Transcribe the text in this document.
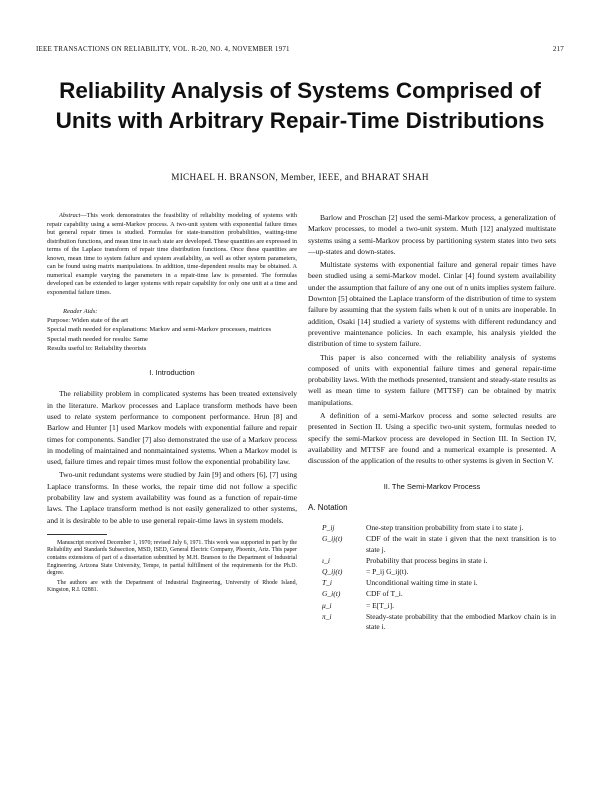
IEEE TRANSACTIONS ON RELIABILITY, VOL. R-20, NO. 4, NOVEMBER 1971	217
Reliability Analysis of Systems Comprised of
Units with Arbitrary Repair-Time Distributions
MICHAEL H. BRANSON, Member, IEEE, and BHARAT SHAH

Abstract—This work demonstrates the feasibility of reliability modeling of systems with repair capability using a semi-Markov process. A two-unit system with exponential failure times but general repair times is studied. Formulas for state-transition probabilities, waiting-time distribution functions, and mean time in each state are developed. These quantities are expressed in terms of the Laplace transform of repair time distribution functions. Once these quantities are known, mean time to system failure and system availability, as well as other system parameters, can be found using matrix manipulations. In addition, time-dependent results may be obtained. A numerical example varying the parameters in a repair-time law is presented. The formulas developed can be extended to larger systems with repair capability for only one unit at a time and exponential failure times.

Reader Aids:
Purpose: Widen state of the art
Special math needed for explanations: Markov and semi-Markov processes, matrices
Special math needed for results: Same
Results useful to: Reliability theorists
I. Introduction

The reliability problem in complicated systems has been treated extensively in the literature. Markov processes and Laplace transform methods have been used to relate system performance to component performance. Hrun [8] and Barlow and Hunter [1] used Markov models with exponential failure and repair times for components. Sandler [7] also demonstrated the use of a Markov process in modeling of maintained and nonmaintained systems. When a Markov model is used, failure times and repair times must follow the exponential probability law.

Two-unit redundant systems were studied by Jain [9] and others [6], [7] using Laplace transforms. In these works, the repair time did not follow a specific probability law and system availability was found as a function of repair-time laws. The Laplace transform method is not easily generalized to other systems, and it is desirable to be able to use general repair-time laws in system models.

Manuscript received December 1, 1970; revised July 6, 1971. This work was supported in part by the Reliability and Standards Subsection, MSD, ISED, General Electric Company, Phoenix, Ariz. This paper contains extensions of part of a dissertation submitted by M.H. Branson to the Department of Industrial Engineering, Arizona State University, Tempe, in partial fulfillment of the requirements for the Ph.D. degree.

The authors are with the Department of Industrial Engineering, University of Rhode Island, Kingston, R.I. 02881.

Barlow and Proschan [2] used the semi-Markov process, a generalization of Markov processes, to model a two-unit system. Muth [12] analyzed multistate systems using a semi-Markov process by partitioning system states into two sets—up-states and down-states.

Multistate systems with exponential failure and general repair times have been studied using a semi-Markov model. Cinlar [4] found system availability under the assumption that failure of any one out of n units implies system failure. Downton [5] obtained the Laplace transform of the distribution of time to system failure by assuming that the system fails when k out of n units are inoperable. In addition, Osaki [14] studied a variety of systems with different redundancy and preventive maintenance policies. In each example, his analysis yielded the distribution of time to system failure.

This paper is also concerned with the reliability analysis of systems composed of units with exponential failure times and general repair-time probability laws. With the methods presented, transient and steady-state results as well as mean time to system failure (MTTSF) can be obtained by matrix manipulations.

A definition of a semi-Markov process and some selected results are presented in Section II. Using a specific two-unit system, formulas needed to specify the semi-Markov process are developed in Section III. In Section IV, availability and MTTSF are found and a numerical example is presented. A discussion of the application of the results to other systems is given in Section V.

II. The Semi-Markov Process
A. Notation
P_ij	One-step transition probability from state i to state j.
G_ij(t)	CDF of the wait in state i given that the next transition is to state j.
ι_i	Probability that process begins in state i.
Q_ij(t)	= P_ij G_ij(t).
T_i	Unconditional waiting time in state i.
G_i(t)	CDF of T_i.
μ_i	= E[T_i].
π_i	Steady-state probability that the embodied Markov chain is in state i.
